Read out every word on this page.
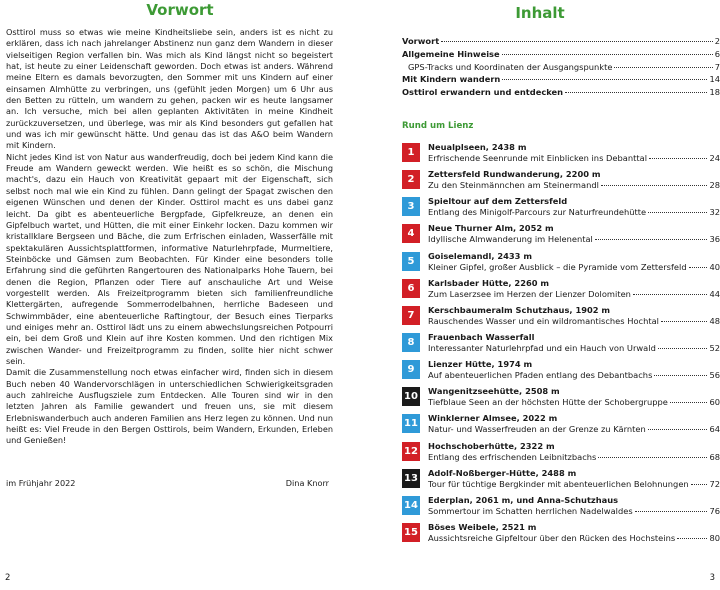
Vorwort

Osttirol muss so etwas wie meine Kindheitsliebe sein, anders ist es nicht zu erklären, dass ich nach jahrelanger Abstinenz nun ganz dem Wandern in dieser vielseitigen Region verfallen bin. Was mich als Kind längst nicht so begeistert hat, ist heute zu einer Leidenschaft geworden. Doch etwas ist anders. Während meine Eltern es damals bevorzugten, den Sommer mit uns Kindern auf einer einsamen Almhütte zu verbringen, uns (gefühlt jeden Morgen) um 6 Uhr aus den Betten zu rütteln, um wandern zu gehen, packen wir es heute langsamer an. Ich versuche, mich bei allen geplanten Aktivitäten in meine Kindheit zurückzuversetzen, und überlege, was mir als Kind besonders gut gefallen hat und was ich mir gewünscht hätte. Und genau das ist das A&O beim Wandern mit Kindern.

Nicht jedes Kind ist von Natur aus wanderfreudig, doch bei jedem Kind kann die Freude am Wandern geweckt werden. Wie heißt es so schön, die Mischung macht's, dazu ein Hauch von Kreativität gepaart mit der Eigenschaft, sich selbst noch mal wie ein Kind zu fühlen. Dann gelingt der Spagat zwischen den eigenen Wünschen und denen der Kinder. Osttirol macht es uns dabei ganz leicht. Da gibt es abenteuerliche Bergpfade, Gipfelkreuze, an denen ein Gipfelbuch wartet, und Hütten, die mit einer Einkehr locken. Dazu kommen wir kristallklare Bergseen und Bäche, die zum Erfrischen einladen, Wasserfälle mit spektakulären Aussichtsplattformen, informative Naturlehrpfade, Murmeltiere, Steinböcke und Gämsen zum Beobachten. Für Kinder eine besonders tolle Erfahrung sind die geführten Rangertouren des Nationalparks Hohe Tauern, bei denen die Region, Pflanzen oder Tiere auf anschauliche Art und Weise vorgestellt werden. Als Freizeitprogramm bieten sich familienfreundliche Klettergärten, aufregende Sommerrodelbahnen, herrliche Badeseen und Schwimmbäder, eine abenteuerliche Raftingtour, der Besuch eines Tierparks und einiges mehr an. Osttirol lädt uns zu einem abwechslungsreichen Potpourri ein, bei dem Groß und Klein auf ihre Kosten kommen. Und den richtigen Mix zwischen Wander- und Freizeitprogramm zu finden, sollte hier nicht schwer sein.

Damit die Zusammenstellung noch etwas einfacher wird, finden sich in diesem Buch neben 40 Wandervorschlägen in unterschiedlichen Schwierigkeitsgraden auch zahlreiche Ausflugsziele zum Entdecken. Alle Touren sind wir in den letzten Jahren als Familie gewandert und freuen uns, sie mit diesem Erlebniswanderbuch auch anderen Familien ans Herz legen zu können. Und nun heißt es: Viel Freude in den Bergen Osttirols, beim Wandern, Erkunden, Erleben und Genießen!

im Frühjahr 2022	Dina Knorr
2
Inhalt
Vorwort	2
Allgemeine Hinweise	6
GPS-Tracks und Koordinaten der Ausgangspunkte	7
Mit Kindern wandern	14
Osttirol erwandern und entdecken	18
Rund um Lienz
1	Neualplseen, 2438 m
Erfrischende Seenrunde mit Einblicken ins Debanttal	24
2	Zettersfeld Rundwanderung, 2200 m
Zu den Steinmännchen am Steinermandl	28
3	Spieltour auf dem Zettersfeld
Entlang des Minigolf-Parcours zur Naturfreundehütte	32
4	Neue Thurner Alm, 2052 m
Idyllische Almwanderung im Helenental	36
5	Goiselemandl, 2433 m
Kleiner Gipfel, großer Ausblick – die Pyramide vom Zettersfeld	40
6	Karlsbader Hütte, 2260 m
Zum Laserzsee im Herzen der Lienzer Dolomiten	44
7	Kerschbaumeralm Schutzhaus, 1902 m
Rauschendes Wasser und ein wildromantisches Hochtal	48
8	Frauenbach Wasserfall
Interessanter Naturlehrpfad und ein Hauch von Urwald	52
9	Lienzer Hütte, 1974 m
Auf abenteuerlichen Pfaden entlang des Debantbachs	56
10 Wangenitzseehütte, 2508 m
Tiefblaue Seen an der höchsten Hütte der Schobergruppe	60
11 Winklerner Almsee, 2022 m
Natur- und Wasserfreuden an der Grenze zu Kärnten	64
12 Hochschoberhütte, 2322 m
Entlang des erfrischenden Leibnitzbachs	68
13 Adolf-Noßberger-Hütte, 2488 m
Tour für tüchtige Bergkinder mit abenteuerlichen Belohnungen	72
14 Ederplan, 2061 m, und Anna-Schutzhaus
Sommertour im Schatten herrlichen Nadelwaldes	76
15 Böses Weibele, 2521 m
Aussichtsreiche Gipfeltour über den Rücken des Hochsteins	80
3
